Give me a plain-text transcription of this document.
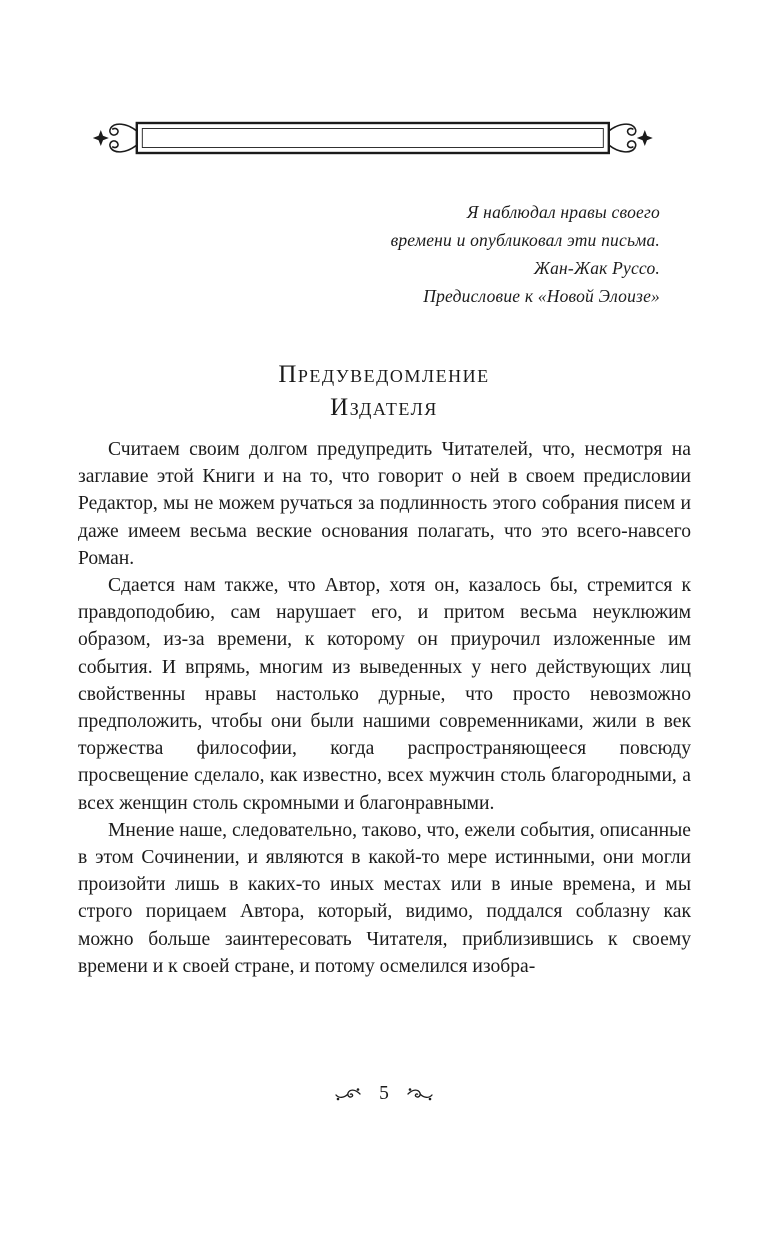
Я наблюдал нравы своего
времени и опубликовал эти письма.
Жан-Жак Руссо.
Предисловие к «Новой Элоизе»
Предуведомление
Издателя

Считаем своим долгом предупредить Читателей, что, несмотря на заглавие этой Книги и на то, что говорит о ней в своем предисловии Редактор, мы не можем ручаться за подлинность этого собрания писем и даже имеем весьма веские основания полагать, что это всего-навсего Роман.

Сдается нам также, что Автор, хотя он, казалось бы, стремится к правдоподобию, сам нарушает его, и притом весьма неуклюжим образом, из-за времени, к которому он приурочил изложенные им события. И впрямь, многим из выведенных у него действующих лиц свойственны нравы настолько дурные, что просто невозможно предположить, чтобы они были нашими современниками, жили в век торжества философии, когда распространяющееся повсюду просвещение сделало, как известно, всех мужчин столь благородными, а всех женщин столь скромными и благонравными.

Мнение наше, следовательно, таково, что, ежели события, описанные в этом Сочинении, и являются в какой-то мере истинными, они могли произойти лишь в каких-то иных местах или в иные времена, и мы строго порицаем Автора, который, видимо, поддался соблазну как можно больше заинтересовать Читателя, приблизившись к своему времени и к своей стране, и потому осмелился изобра-

5
